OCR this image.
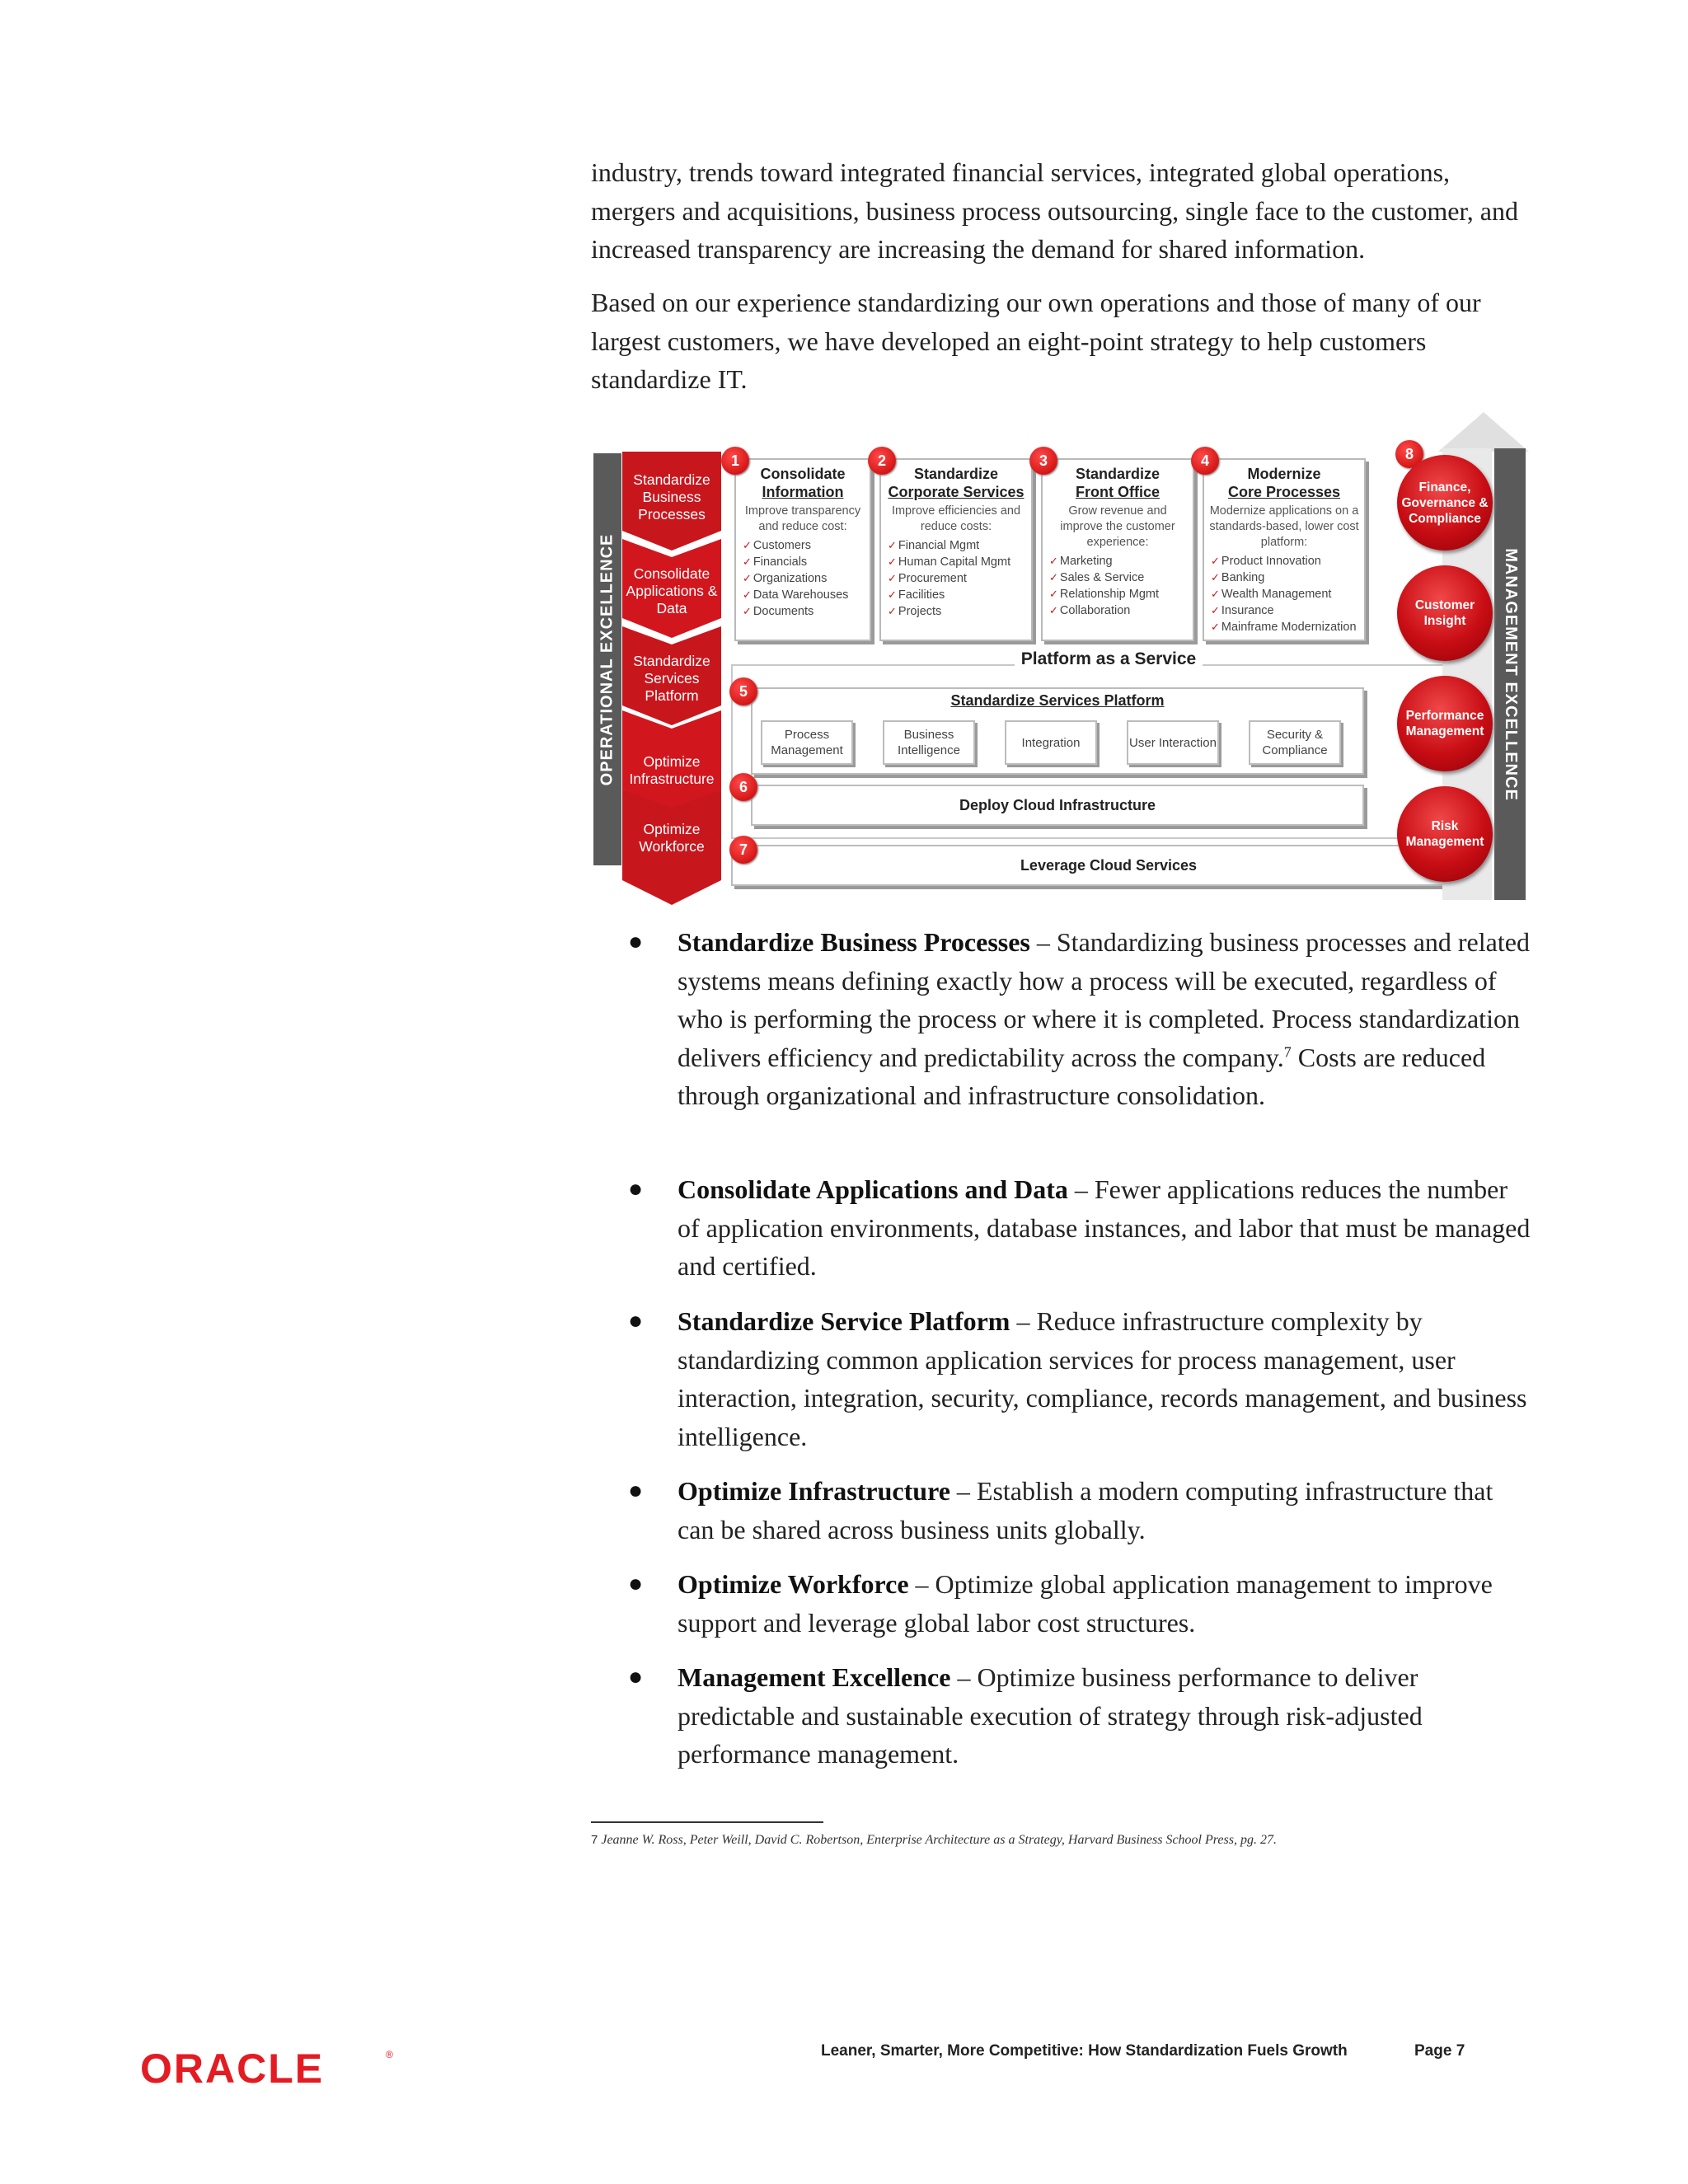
industry, trends toward integrated financial services, integrated global operations, mergers and acquisitions, business process outsourcing, single face to the customer, and increased transparency are increasing the demand for shared information.

Based on our experience standardizing our own operations and those of many of our largest customers, we have developed an eight-point strategy to help customers standardize IT.

OPERATIONAL EXCELLENCE
Standardize Business Processes
Consolidate Applications & Data
Standardize Services Platform
Optimize Infrastructure
Optimize Workforce
Consolidate
Information
Improve transparency and reduce cost:
✓ Customers
✓ Financials
✓ Organizations
✓ Data Warehouses
✓ Documents
1
Standardize
Corporate Services
Improve efficiencies and reduce costs:
✓ Financial Mgmt
✓ Human Capital Mgmt
✓ Procurement
✓ Facilities
✓ Projects
2
Standardize
Front Office
Grow revenue and improve the customer experience:
✓ Marketing
✓ Sales & Service
✓ Relationship Mgmt
✓ Collaboration
3
Modernize
Core Processes
Modernize applications on a standards-based, lower cost platform:
✓ Product Innovation
✓ Banking
✓ Wealth Management
✓ Insurance
✓ Mainframe Modernization
4
Platform as a Service
Standardize Services Platform
Process Management
Business Intelligence
Integration	User Interaction
Security & Compliance
5
Deploy Cloud Infrastructure
6
Leverage Cloud Services
7
MANAGEMENT EXCELLENCE
8
Finance, Governance & Compliance
Customer Insight
Performance Management
Risk Management
● Standardize Business Processes – Standardizing business processes and related systems means defining exactly how a process will be executed, regardless of who is performing the process or where it is completed. Process standardization delivers efficiency and predictability across the company.$^7$ Costs are reduced through organizational and infrastructure consolidation.

● Consolidate Applications and Data – Fewer applications reduces the number of application environments, database instances, and labor that must be managed and certified.

● Standardize Service Platform – Reduce infrastructure complexity by standardizing common application services for process management, user interaction, integration, security, compliance, records management, and business intelligence.

● Optimize Infrastructure – Establish a modern computing infrastructure that can be shared across business units globally.

● Optimize Workforce – Optimize global application management to improve support and leverage global labor cost structures.

● Management Excellence – Optimize business performance to deliver predictable and sustainable execution of strategy through risk-adjusted performance management.

7 Jeanne W. Ross, Peter Weill, David C. Robertson, Enterprise Architecture as a Strategy, Harvard Business School Press, pg. 27.
ORACLE	®	Leaner, Smarter, More Competitive: How Standardization Fuels Growth	Page 7
